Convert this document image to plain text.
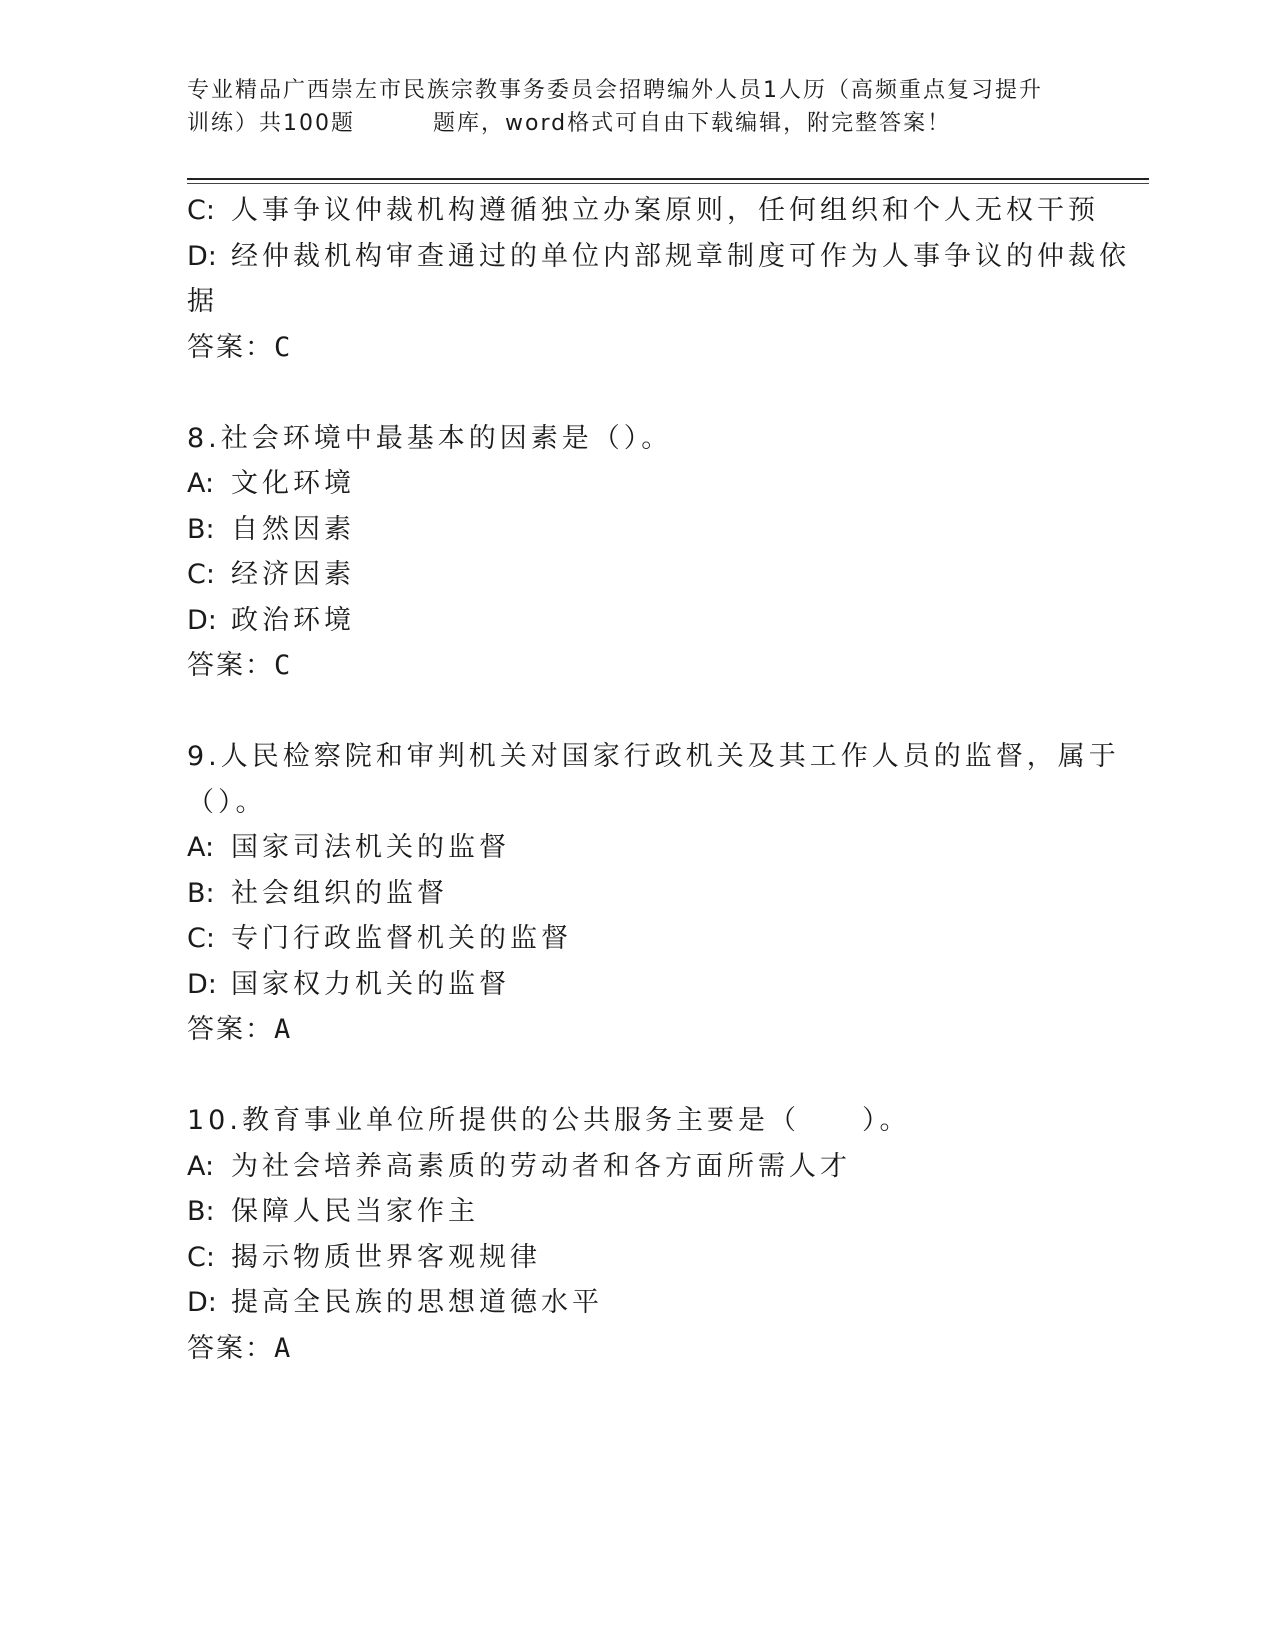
专业精品广西崇左市民族宗教事务委员会招聘编外人员1人历（高频重点复习提升
训练）共100题	题库，word格式可自由下载编辑，附完整答案！
C: 人事争议仲裁机构遵循独立办案原则，任何组织和个人无权干预
D: 经仲裁机构审查通过的单位内部规章制度可作为人事争议的仲裁依
据
答案：C
8.社会环境中最基本的因素是（）。
A: 文化环境
B: 自然因素
C: 经济因素
D: 政治环境
答案：C
9.人民检察院和审判机关对国家行政机关及其工作人员的监督，属于
（）。
A: 国家司法机关的监督
B: 社会组织的监督
C: 专门行政监督机关的监督
D: 国家权力机关的监督
答案：A
10.教育事业单位所提供的公共服务主要是（　　）。
A: 为社会培养高素质的劳动者和各方面所需人才
B: 保障人民当家作主
C: 揭示物质世界客观规律
D: 提高全民族的思想道德水平
答案：A
